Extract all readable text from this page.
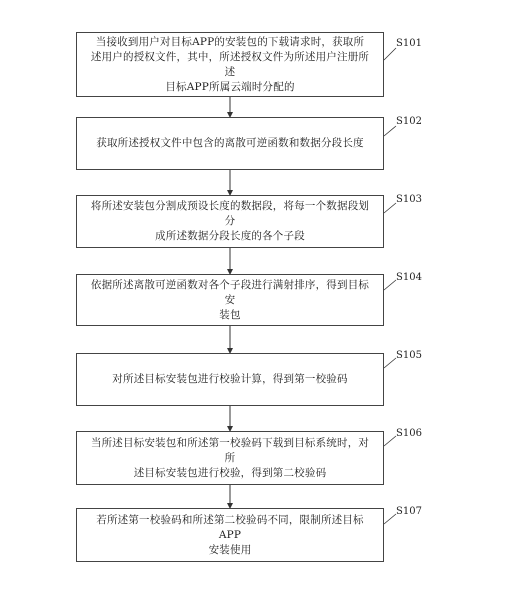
当接收到用户对目标APP的安装包的下载请求时，获取所
述用户的授权文件，其中，所述授权文件为所述用户注册所述
目标APP所属云端时分配的
S101
获取所述授权文件中包含的离散可逆函数和数据分段长度
S102
将所述安装包分割成预设长度的数据段，将每一个数据段划分
成所述数据分段长度的各个子段
S103
依据所述离散可逆函数对各个子段进行满射排序，得到目标安
装包
S104
对所述目标安装包进行校验计算，得到第一校验码
S105
当所述目标安装包和所述第一校验码下载到目标系统时，对所
述目标安装包进行校验，得到第二校验码
S106
若所述第一校验码和所述第二校验码不同，限制所述目标APP
安装使用
S107
